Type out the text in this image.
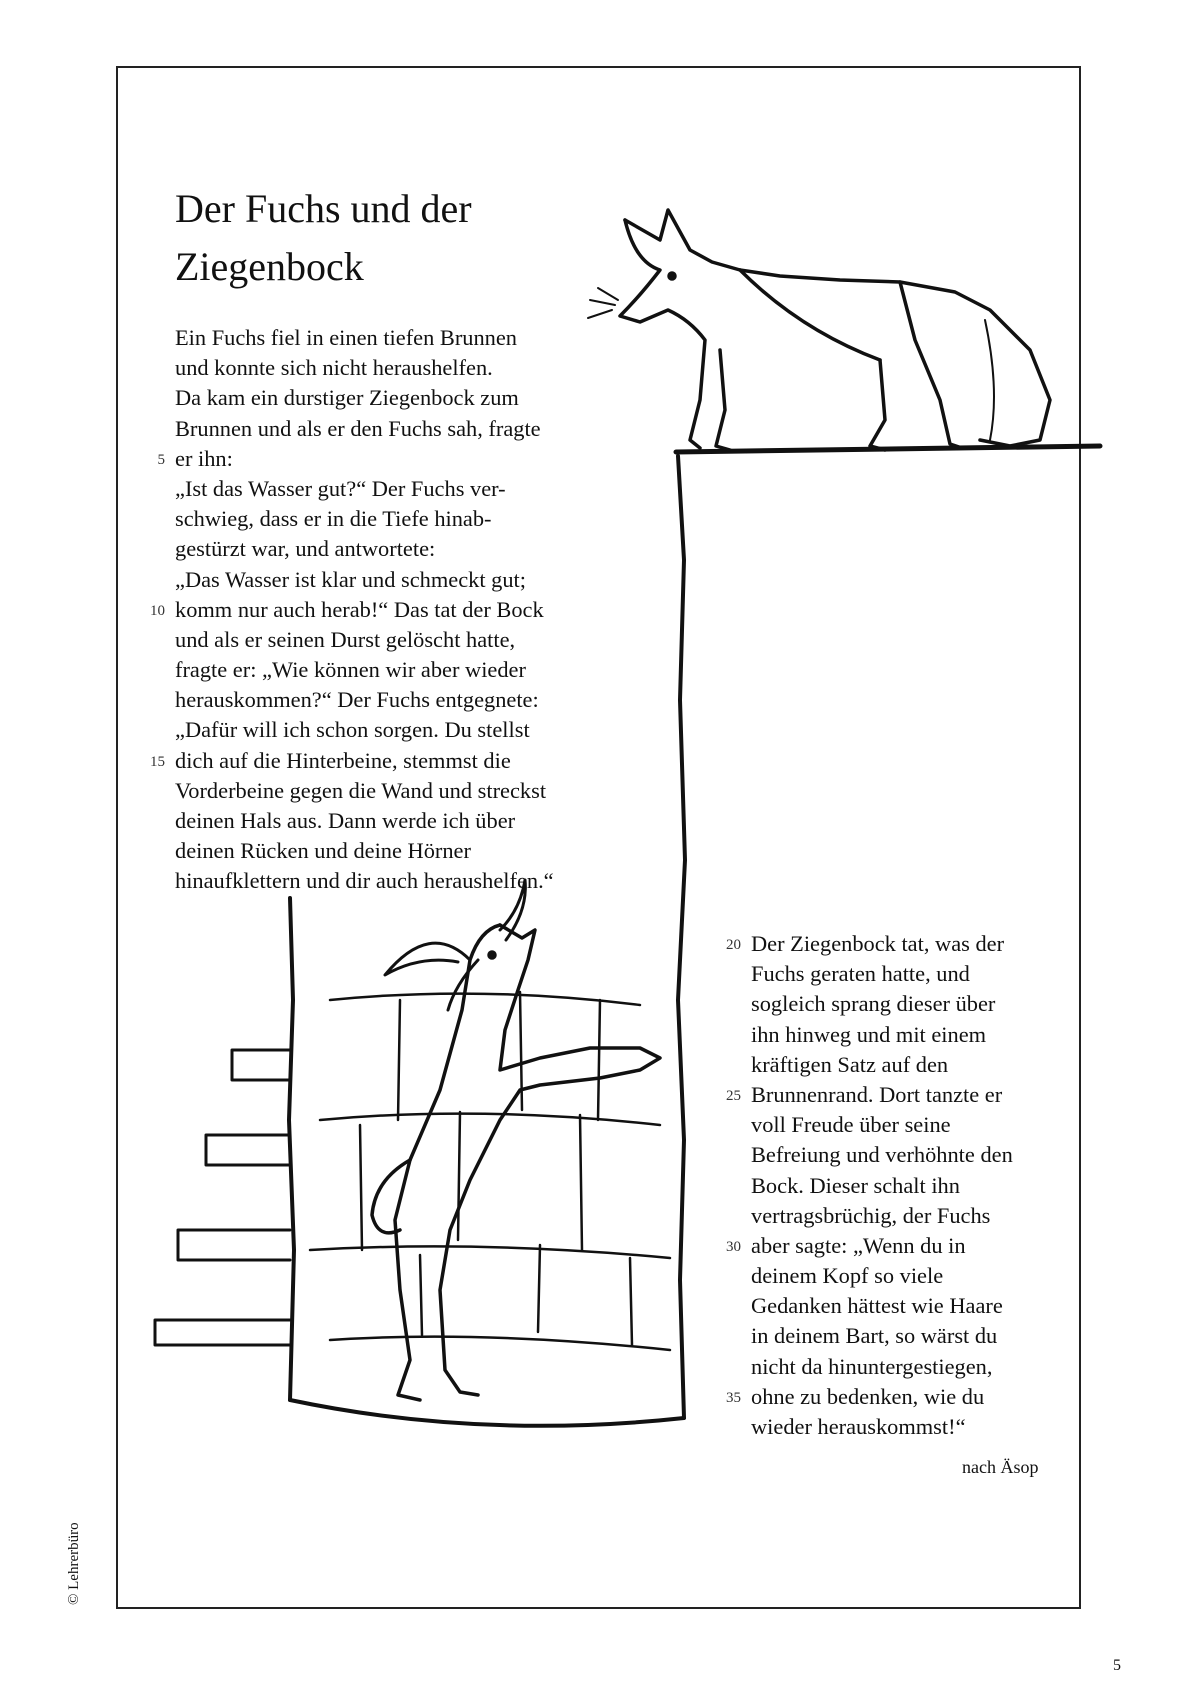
Der Fuchs und der
Ziegenbock
Ein Fuchs fiel in einen tiefen Brunnen
und konnte sich nicht heraushelfen.
Da kam ein durstiger Ziegenbock zum
Brunnen und als er den Fuchs sah, fragte
5 er ihn:
„Ist das Wasser gut?“ Der Fuchs ver-
schwieg, dass er in die Tiefe hinab-
gestürzt war, und antwortete:
„Das Wasser ist klar und schmeckt gut;
10 komm nur auch herab!“ Das tat der Bock
und als er seinen Durst gelöscht hatte,
fragte er: „Wie können wir aber wieder
herauskommen?“ Der Fuchs entgegnete:
„Dafür will ich schon sorgen. Du stellst
15 dich auf die Hinterbeine, stemmst die
Vorderbeine gegen die Wand und streckst
deinen Hals aus. Dann werde ich über
deinen Rücken und deine Hörner
hinaufklettern und dir auch heraushelfen.“
20 Der Ziegenbock tat, was der
Fuchs geraten hatte, und
sogleich sprang dieser über
ihn hinweg und mit einem
kräftigen Satz auf den
25 Brunnenrand. Dort tanzte er
voll Freude über seine
Befreiung und verhöhnte den
Bock. Dieser schalt ihn
vertragsbrüchig, der Fuchs
30 aber sagte: „Wenn du in
deinem Kopf so viele
Gedanken hättest wie Haare
in deinem Bart, so wärst du
nicht da hinuntergestiegen,
35 ohne zu bedenken, wie du
wieder herauskommst!“
nach Äsop
© Lehrerbüro
5
